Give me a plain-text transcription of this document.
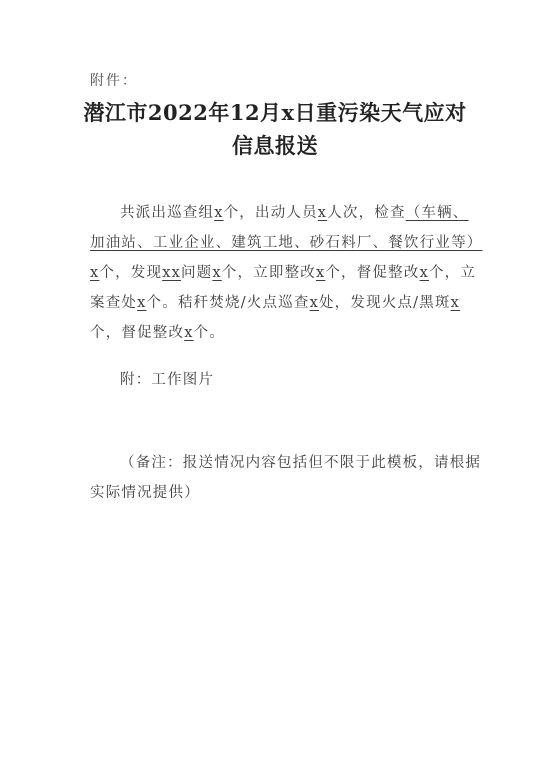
附件：
潜江市2022年12月x日重污染天气应对
信息报送
共派出巡查组x个，出动人员x人次，检查（车辆、加油站、工业企业、建筑工地、砂石料厂、餐饮行业等）x个，发现xx问题x个，立即整改x个，督促整改x个，立案查处x个。秸秆焚烧/火点巡查x处，发现火点/黑斑x个，督促整改x个。
附：工作图片
（备注：报送情况内容包括但不限于此模板，请根据实际情况提供）
